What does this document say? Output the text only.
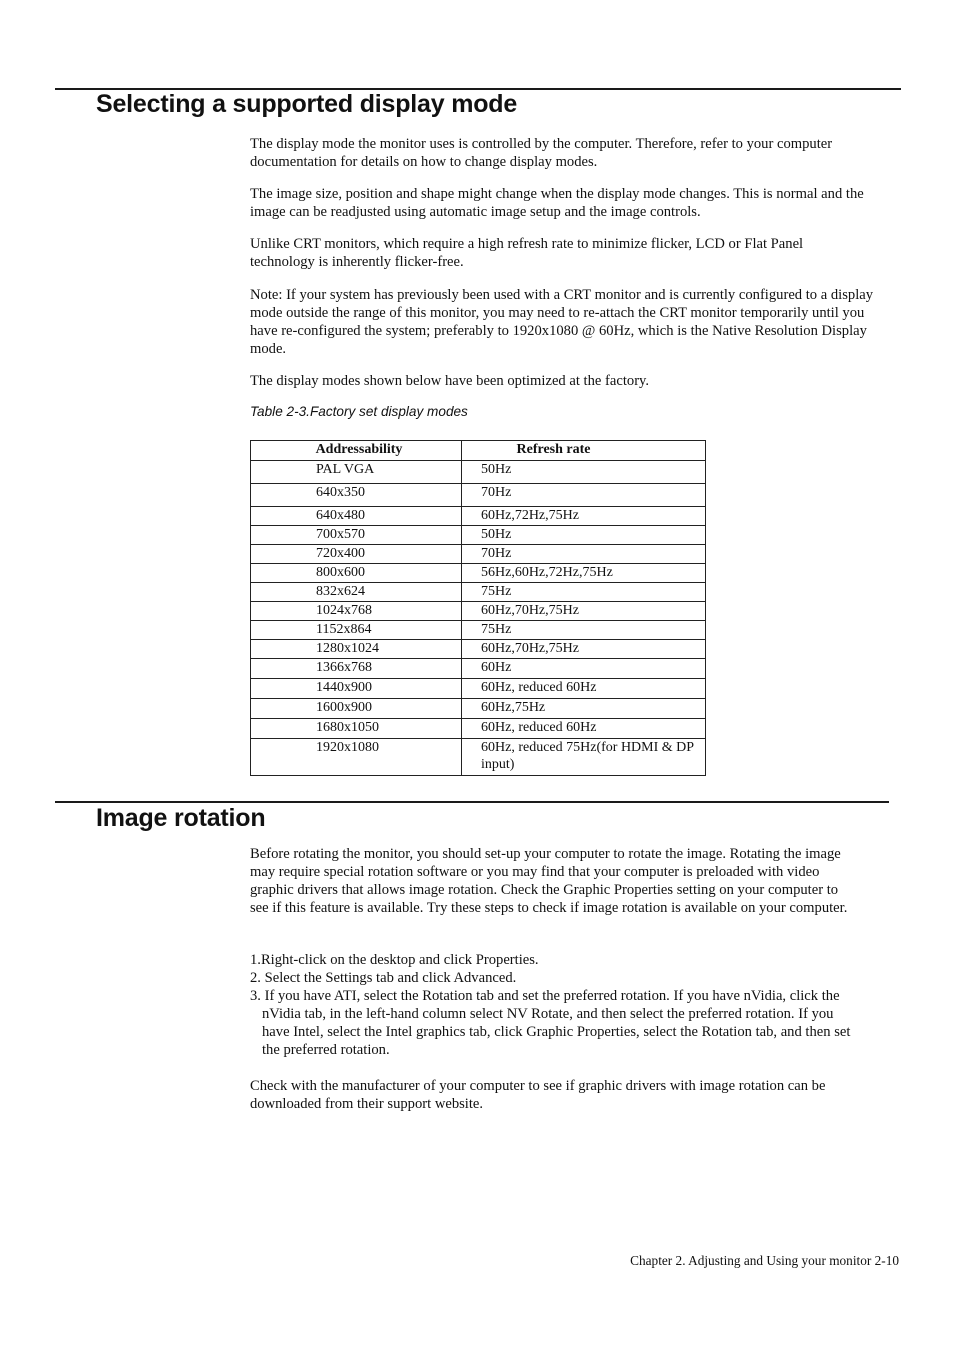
Selecting a supported display mode

The display mode the monitor uses is controlled by the computer. Therefore, refer to your computer documentation for details on how to change display modes.

The image size, position and shape might change when the display mode changes. This is normal and the image can be readjusted using automatic image setup and the image controls.

Unlike CRT monitors, which require a high refresh rate to minimize flicker, LCD or Flat Panel technology is inherently flicker-free.

Note: If your system has previously been used with a CRT monitor and is currently configured to a display mode outside the range of this monitor, you may need to re-attach the CRT monitor temporarily until you have re-configured the system; preferably to 1920x1080 @ 60Hz, which is the Native Resolution Display mode.

The display modes shown below have been optimized at the factory.

Table 2-3.Factory set display modes

Addressability	Refresh rate
PAL VGA	50Hz
640x350	70Hz
640x480	60Hz,72Hz,75Hz
700x570	50Hz
720x400	70Hz
800x600	56Hz,60Hz,72Hz,75Hz
832x624	75Hz
1024x768	60Hz,70Hz,75Hz
1152x864	75Hz
1280x1024	60Hz,70Hz,75Hz
1366x768	60Hz
1440x900	60Hz, reduced 60Hz
1600x900	60Hz,75Hz
1680x1050	60Hz, reduced 60Hz
1920x1080	60Hz, reduced 75Hz(for HDMI & DP input)
Image rotation

Before rotating the monitor, you should set-up your computer to rotate the image. Rotating the image may require special rotation software or you may find that your computer is preloaded with video graphic drivers that allows image rotation. Check the Graphic Properties setting on your computer to see if this feature is available. Try these steps to check if image rotation is available on your computer.

1.Right-click on the desktop and click Properties.
2. Select the Settings tab and click Advanced.
3. If you have ATI, select the Rotation tab and set the preferred rotation. If you have nVidia, click the nVidia tab, in the left-hand column select NV Rotate, and then select the preferred rotation. If you have Intel, select the Intel graphics tab, click Graphic Properties, select the Rotation tab, and then set the preferred rotation.

Check with the manufacturer of your computer to see if graphic drivers with image rotation can be downloaded from their support website.

Chapter 2. Adjusting and Using your monitor 2-10
